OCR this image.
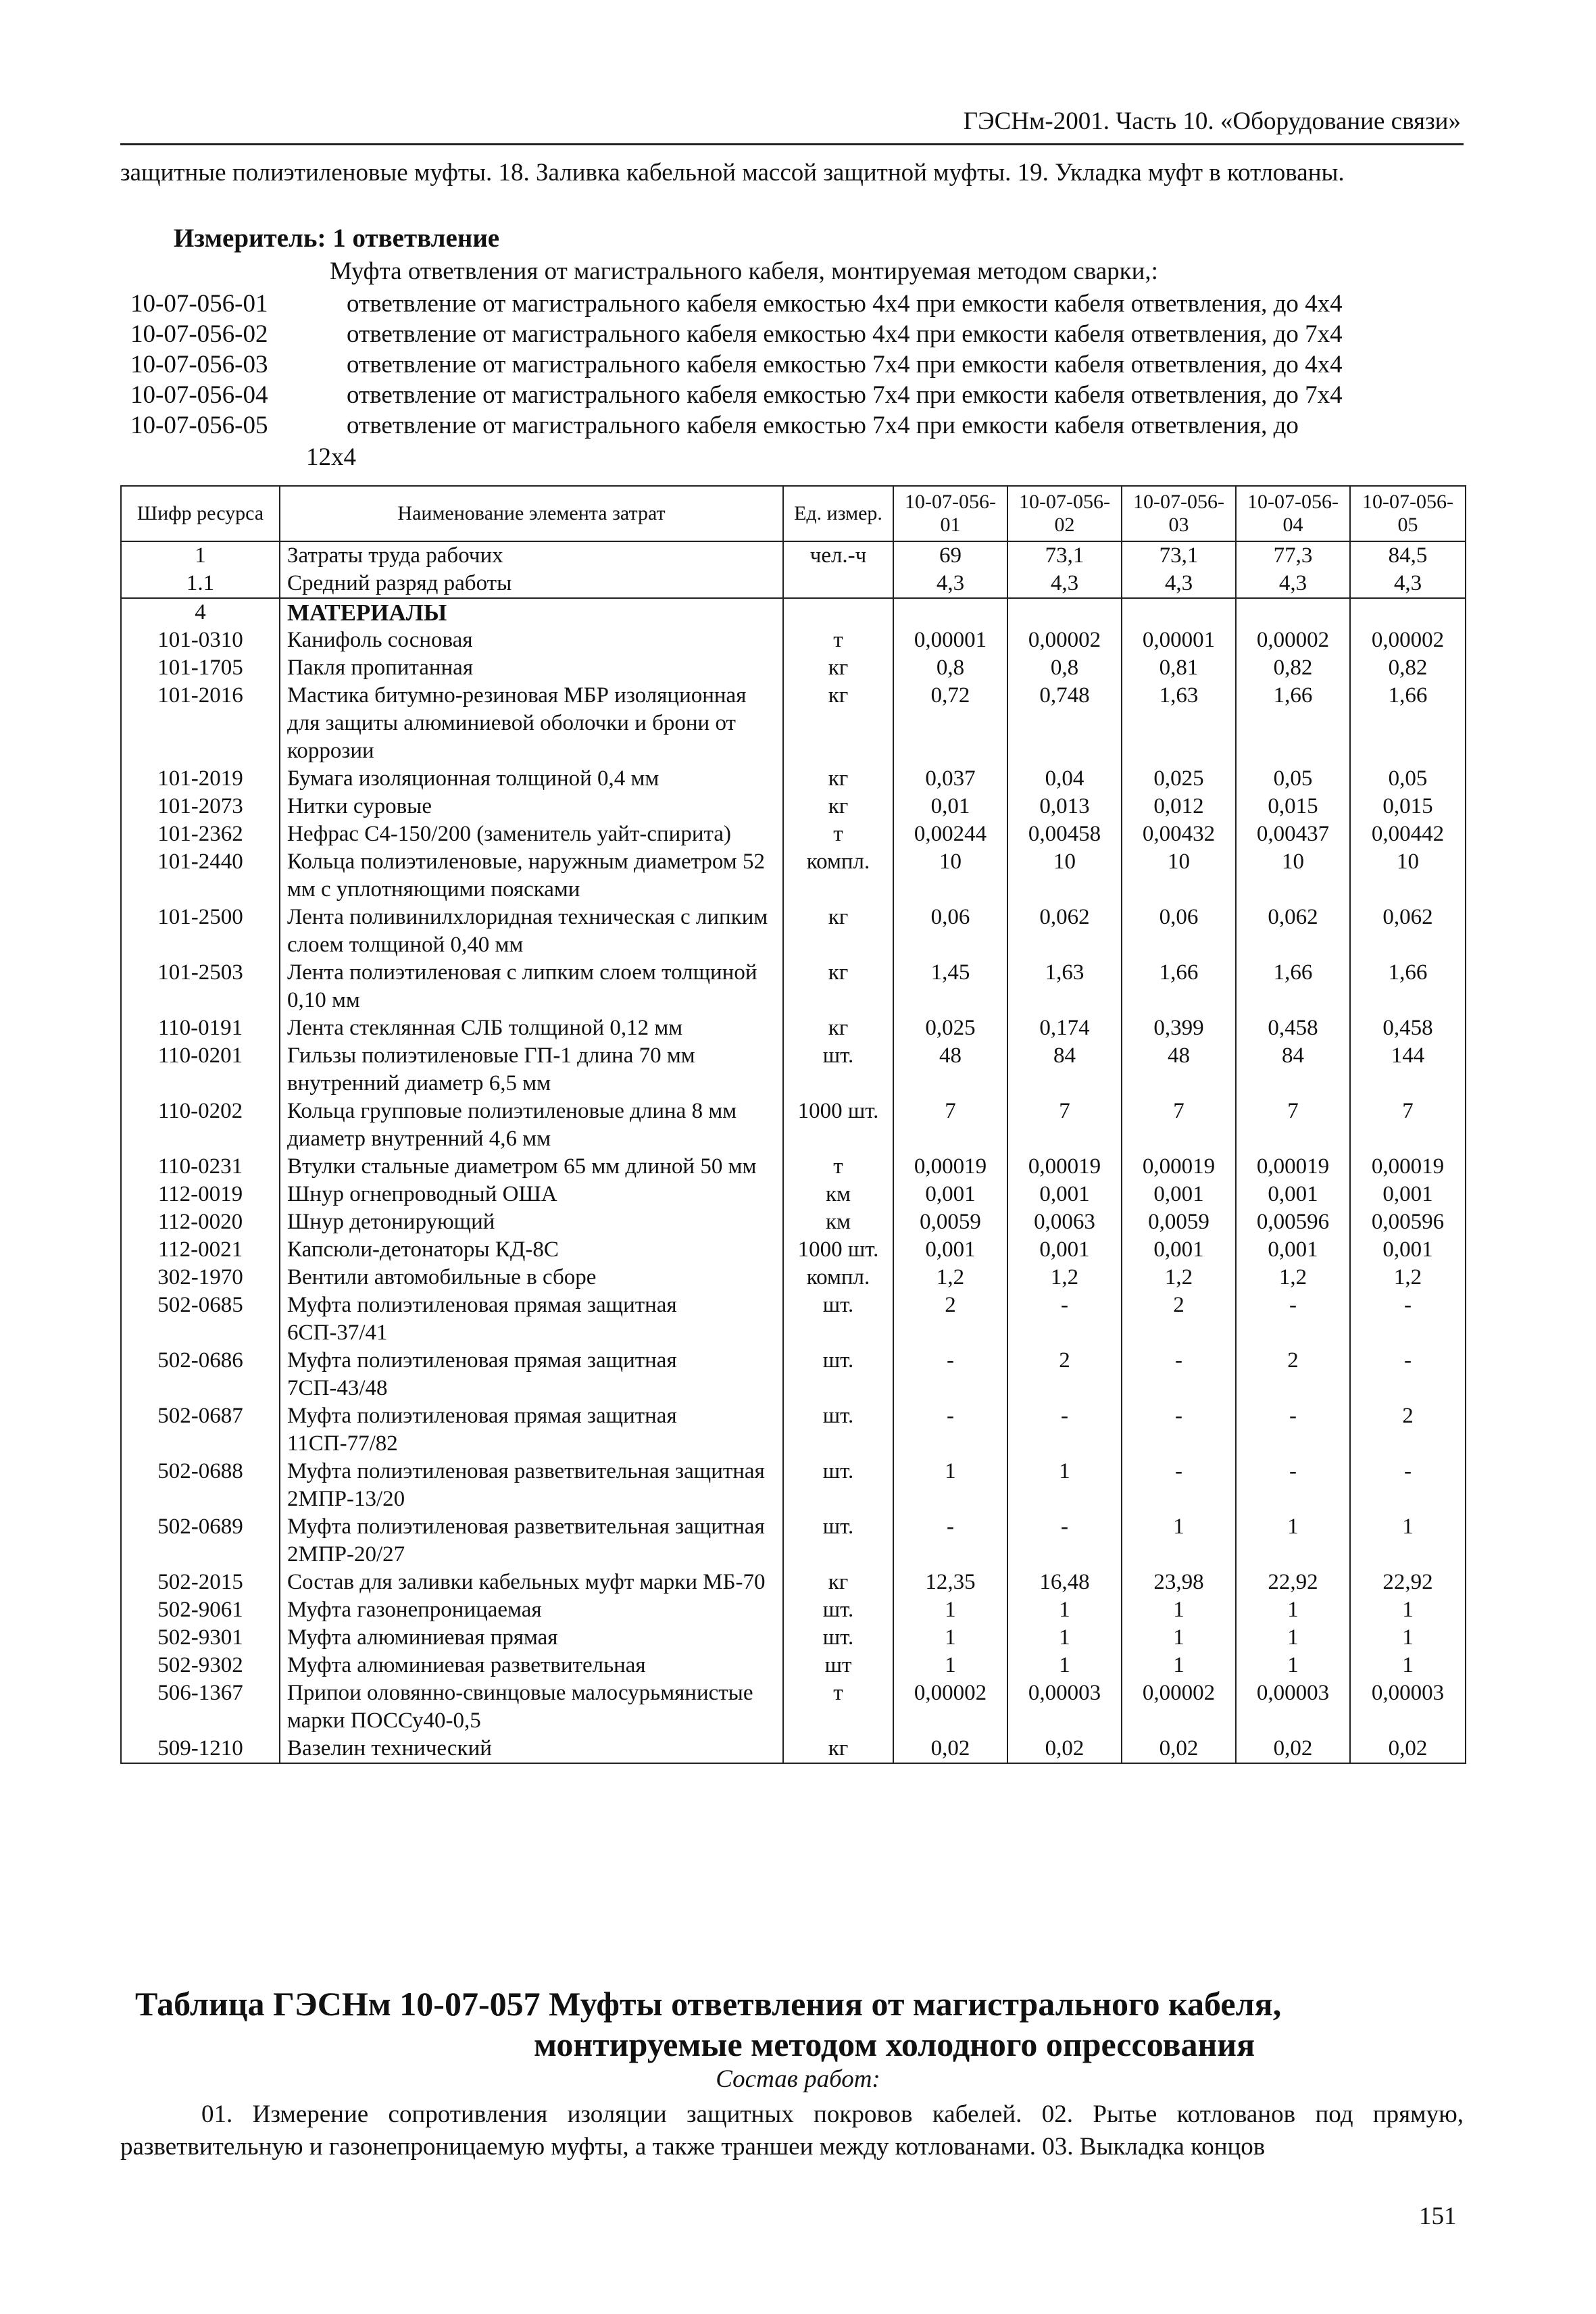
ГЭСНм-2001. Часть 10. «Оборудование связи»
защитные полиэтиленовые муфты. 18. Заливка кабельной массой защитной муфты. 19. Укладка муфт в котлованы.
Измеритель: 1 ответвление
Муфта ответвления от магистрального кабеля, монтируемая методом сварки,:
10-07-056-01	ответвление от магистрального кабеля емкостью 4х4 при емкости кабеля ответвления, до 4х4
10-07-056-02	ответвление от магистрального кабеля емкостью 4х4 при емкости кабеля ответвления, до 7х4
10-07-056-03	ответвление от магистрального кабеля емкостью 7х4 при емкости кабеля ответвления, до 4х4
10-07-056-04	ответвление от магистрального кабеля емкостью 7х4 при емкости кабеля ответвления, до 7х4
10-07-056-05	ответвление от магистрального кабеля емкостью 7х4 при емкости кабеля ответвления, до
12х4
Шифр ресурса	Наименование элемента затрат	Ед. измер.	10-07-056-01	10-07-056-02	10-07-056-03	10-07-056-04	10-07-056-05
1	Затраты труда рабочих	чел.-ч	69	73,1	73,1	77,3	84,5
1.1	Средний разряд работы		4,3	4,3	4,3	4,3	4,3
4	МАТЕРИАЛЫ						
101-0310	Канифоль сосновая	т	0,00001	0,00002	0,00001	0,00002	0,00002
101-1705	Пакля пропитанная	кг	0,8	0,8	0,81	0,82	0,82
101-2016	Мастика битумно-резиновая МБР изоляционная для защиты алюминиевой оболочки и брони от коррозии	кг	0,72	0,748	1,63	1,66	1,66
101-2019	Бумага изоляционная толщиной 0,4 мм	кг	0,037	0,04	0,025	0,05	0,05
101-2073	Нитки суровые	кг	0,01	0,013	0,012	0,015	0,015
101-2362	Нефрас С4-150/200 (заменитель уайт-спирита)	т	0,00244	0,00458	0,00432	0,00437	0,00442
101-2440	Кольца полиэтиленовые, наружным диаметром 52 мм с уплотняющими поясками	компл.	10	10	10	10	10
101-2500	Лента поливинилхлоридная техническая с липким слоем толщиной 0,40 мм	кг	0,06	0,062	0,06	0,062	0,062
101-2503	Лента полиэтиленовая с липким слоем толщиной 0,10 мм	кг	1,45	1,63	1,66	1,66	1,66
110-0191	Лента стеклянная СЛБ толщиной 0,12 мм	кг	0,025	0,174	0,399	0,458	0,458
110-0201	Гильзы полиэтиленовые ГП-1 длина 70 мм внутренний диаметр 6,5 мм	шт.	48	84	48	84	144
110-0202	Кольца групповые полиэтиленовые длина 8 мм диаметр внутренний 4,6 мм	1000 шт.	7	7	7	7	7
110-0231	Втулки стальные диаметром 65 мм длиной 50 мм	т	0,00019	0,00019	0,00019	0,00019	0,00019
112-0019	Шнур огнепроводный ОША	км	0,001	0,001	0,001	0,001	0,001
112-0020	Шнур детонирующий	км	0,0059	0,0063	0,0059	0,00596	0,00596
112-0021	Капсюли-детонаторы КД-8С	1000 шт.	0,001	0,001	0,001	0,001	0,001
302-1970	Вентили автомобильные в сборе	компл.	1,2	1,2	1,2	1,2	1,2
502-0685	Муфта полиэтиленовая прямая защитная 6СП-37/41	шт.	2	-	2	-	-
502-0686	Муфта полиэтиленовая прямая защитная 7СП-43/48	шт.	-	2	-	2	-
502-0687	Муфта полиэтиленовая прямая защитная 11СП-77/82	шт.	-	-	-	-	2
502-0688	Муфта полиэтиленовая разветвительная защитная 2МПР-13/20	шт.	1	1	-	-	-
502-0689	Муфта полиэтиленовая разветвительная защитная 2МПР-20/27	шт.	-	-	1	1	1
502-2015	Состав для заливки кабельных муфт марки МБ-70	кг	12,35	16,48	23,98	22,92	22,92
502-9061	Муфта газонепроницаемая	шт.	1	1	1	1	1
502-9301	Муфта алюминиевая прямая	шт.	1	1	1	1	1
502-9302	Муфта алюминиевая разветвительная	шт	1	1	1	1	1
506-1367	Припои оловянно-свинцовые малосурьмянистые марки ПОССу40-0,5	т	0,00002	0,00003	0,00002	0,00003	0,00003
509-1210	Вазелин технический	кг	0,02	0,02	0,02	0,02	0,02
Таблица ГЭСНм 10-07-057 Муфты ответвления от магистрального кабеля,
монтируемые методом холодного опрессования
Состав работ:
01. Измерение сопротивления изоляции защитных покровов кабелей. 02. Рытье котлованов под прямую, разветвительную и газонепроницаемую муфты, а также траншеи между котлованами. 03. Выкладка концов
151
